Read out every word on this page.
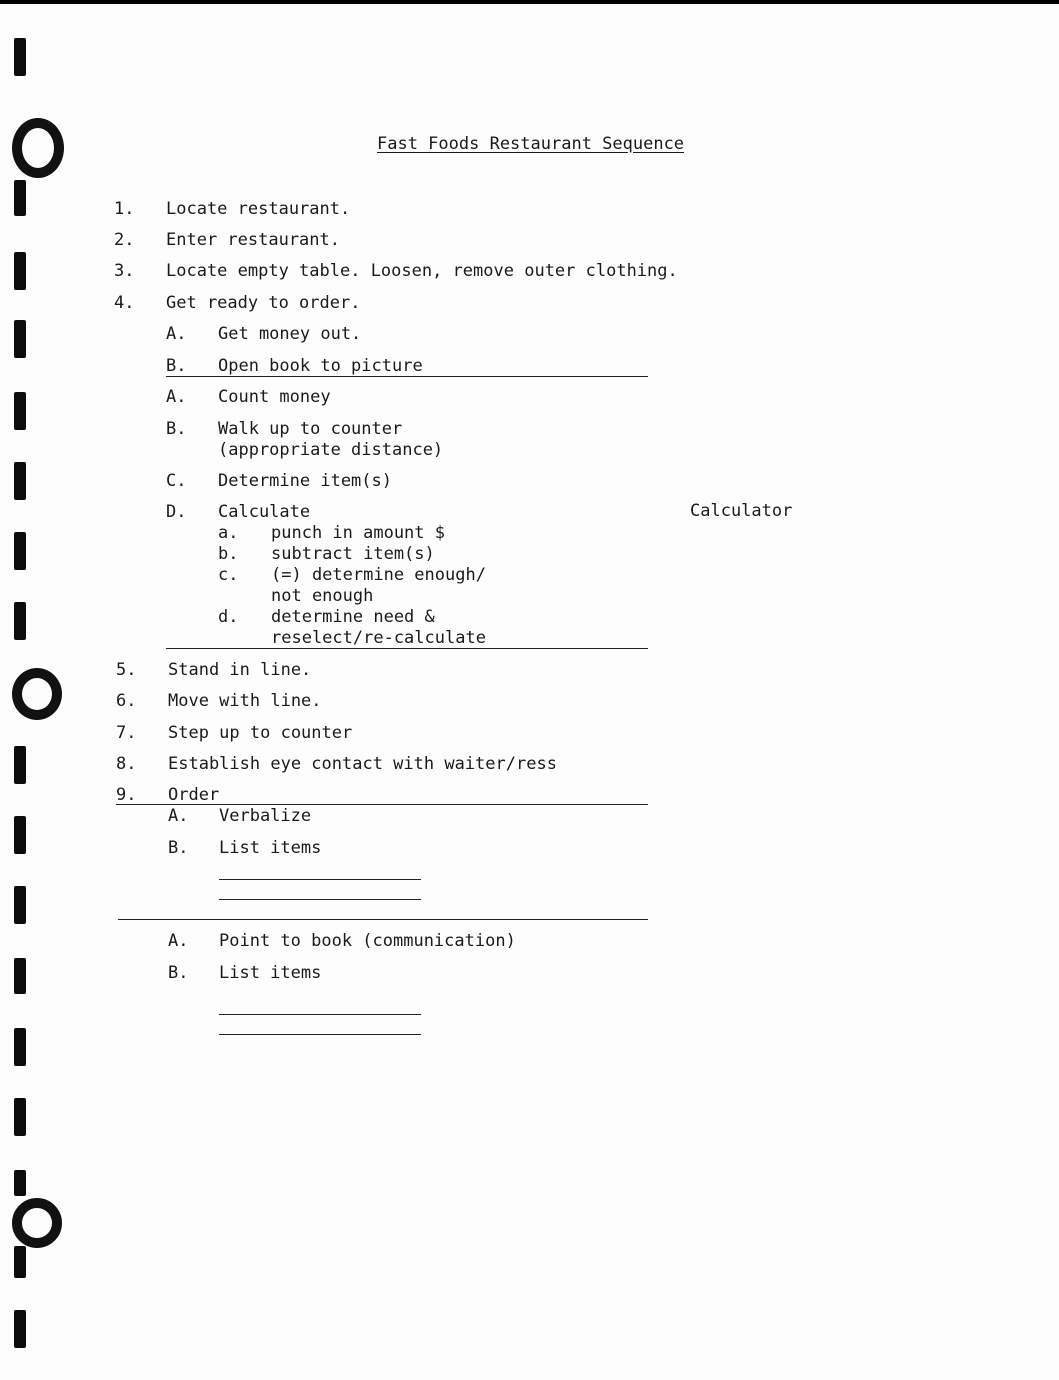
Fast Foods Restaurant Sequence
1. Locate restaurant.
2. Enter restaurant.
3. Locate empty table. Loosen, remove outer clothing.
4. Get ready to order.
A. Get money out.
B. Open book to picture
A. Count money
B. Walk up to counter
(appropriate distance)
C. Determine item(s)
D. Calculate	Calculator
a. punch in amount $
b. subtract item(s)
c. (=) determine enough/
not enough
d. determine need &
reselect/re-calculate
5. Stand in line.
6. Move with line.
7. Step up to counter
8. Establish eye contact with waiter/ress
9. Order
A. Verbalize
B. List items
A. Point to book (communication)
B. List items
